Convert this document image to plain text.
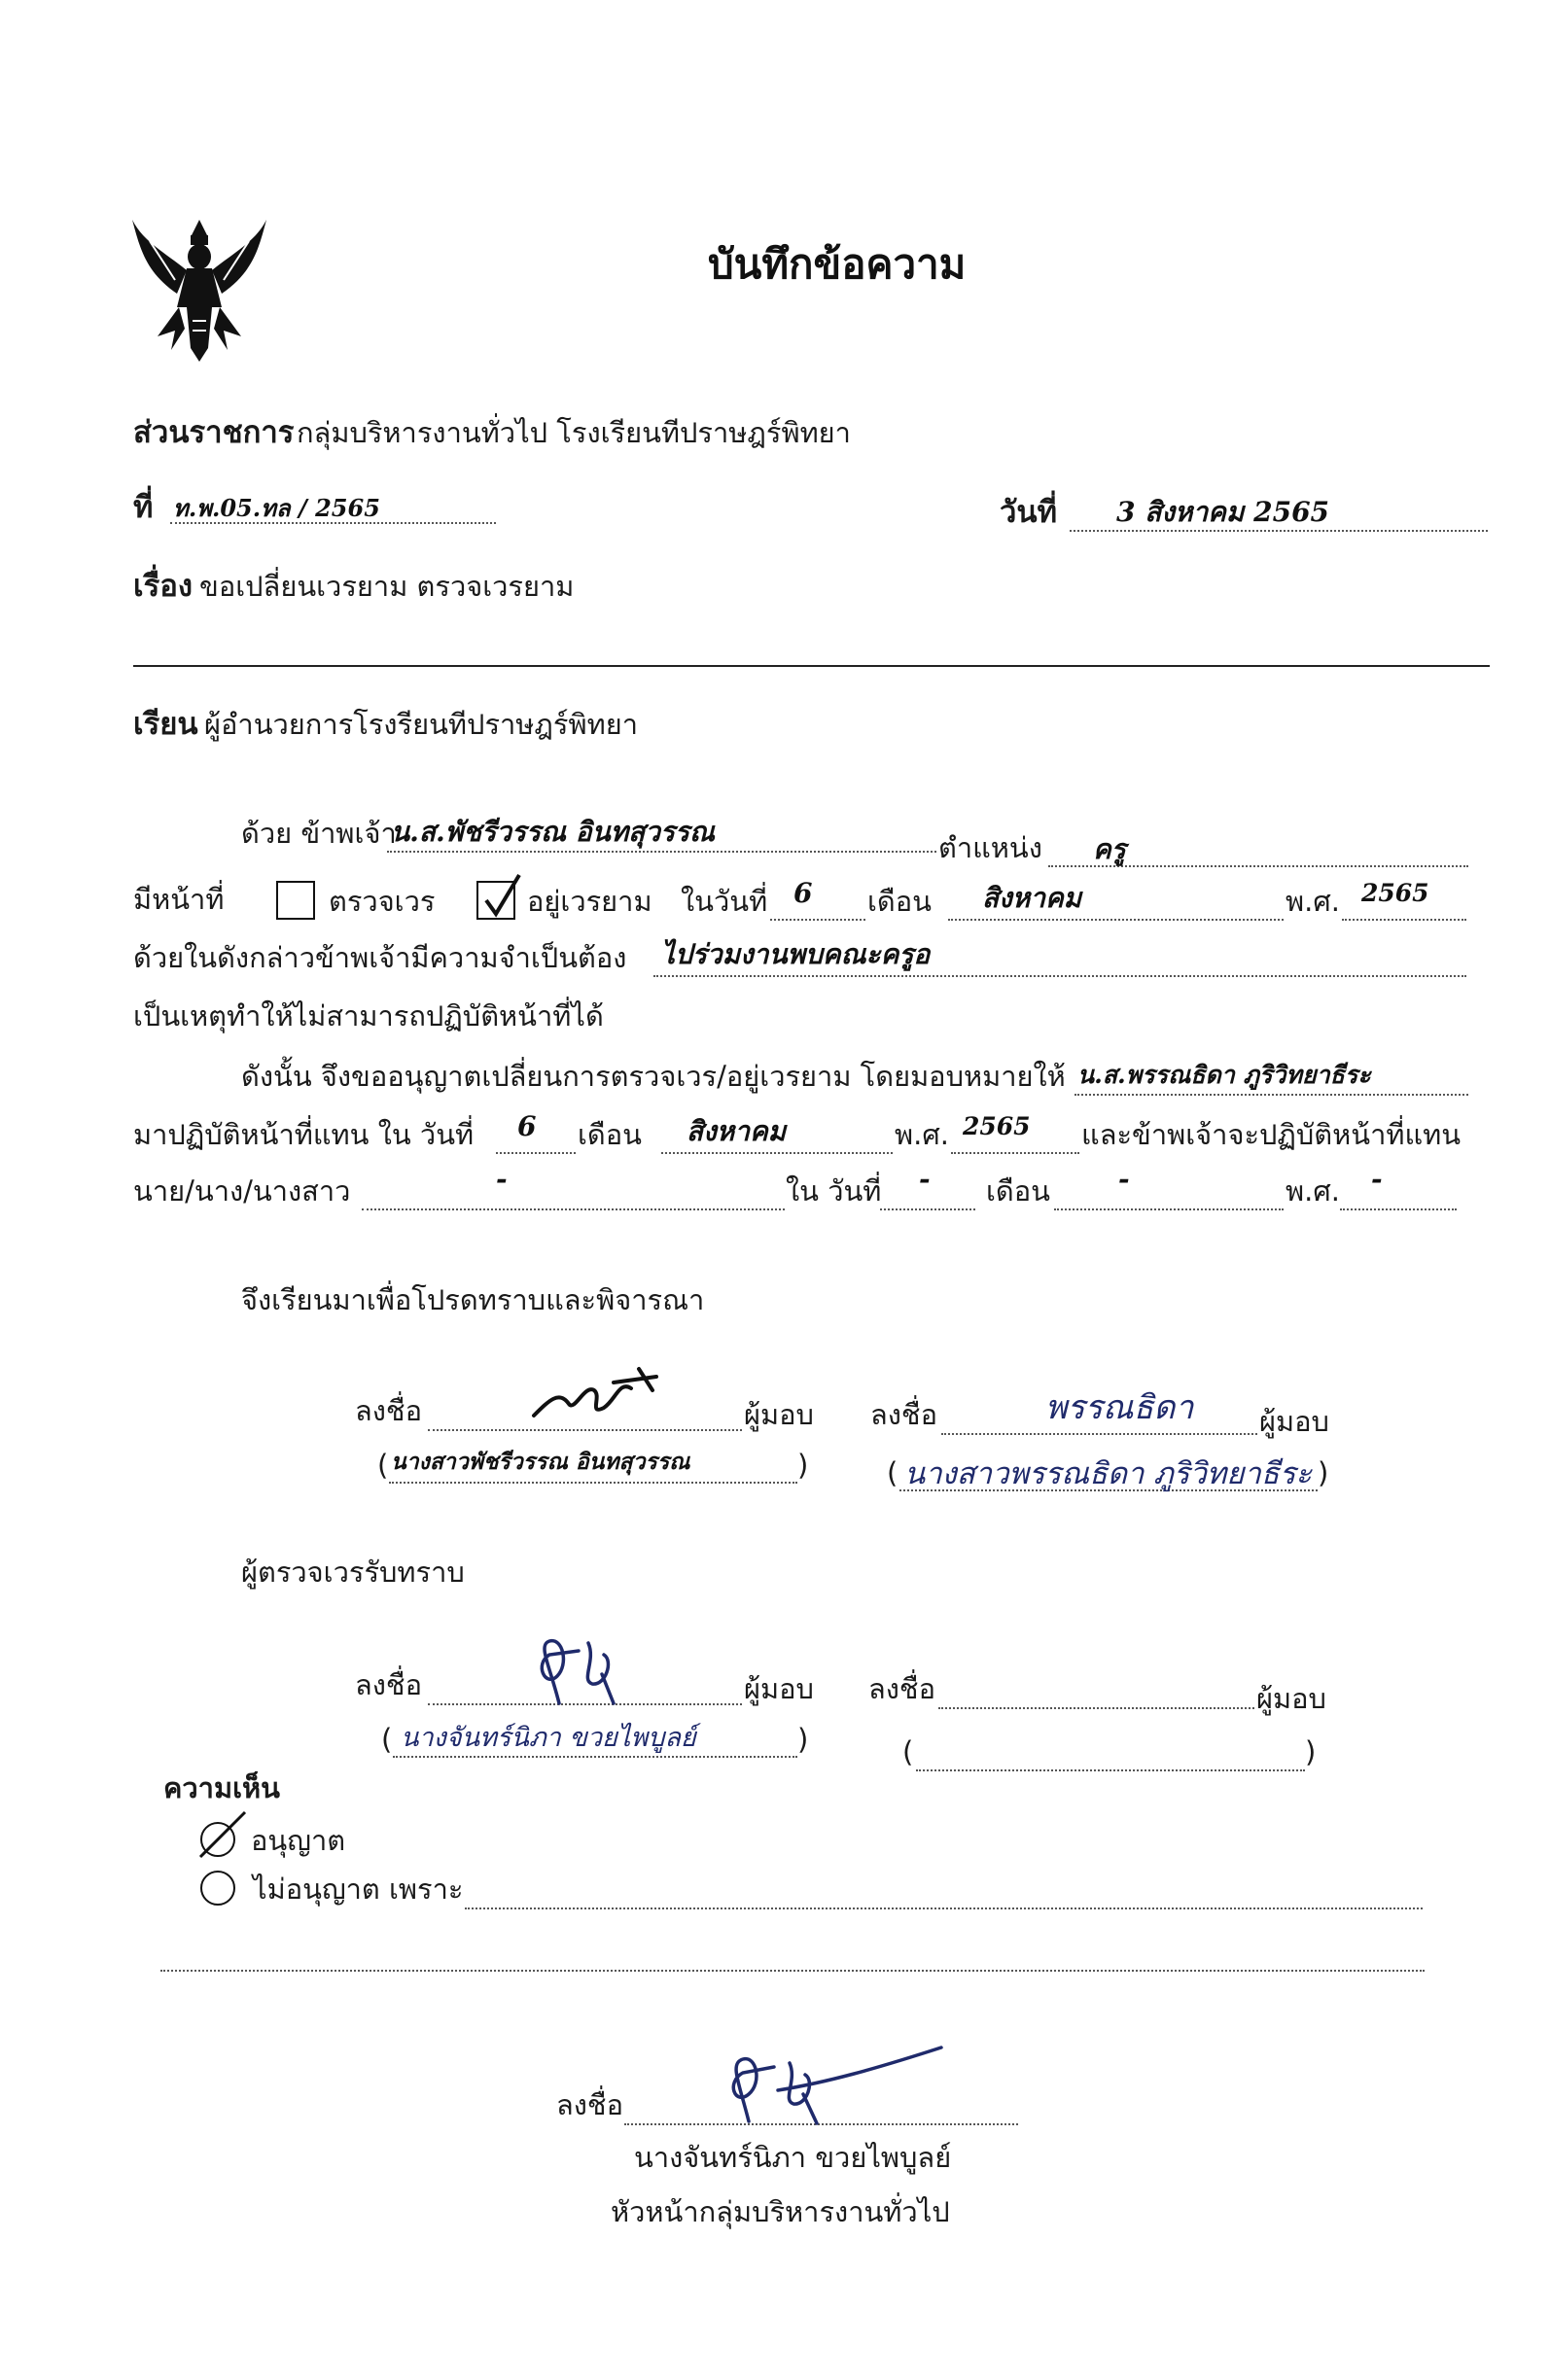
บันทึกข้อความ
ส่วนราชการ กลุ่มบริหารงานทั่วไป โรงเรียนทีปราษฎร์พิทยา
ที่ ท.พ.05.ทล / 2565	วันที่ 3 สิงหาคม 2565
เรื่อง ขอเปลี่ยนเวรยาม ตรวจเวรยาม
เรียน ผู้อำนวยการโรงรียนทีปราษฎร์พิทยา
ด้วย ข้าพเจ้า
น.ส.พัชรีวรรณ อินทสุวรรณ	ตำแหน่ง ครู
มีหน้าที่	ตรวจเวร	อยู่เวรยาม ในวันที่ 6 เดือน สิงหาคม	พ.ศ. 2565
ด้วยในดังกล่าวข้าพเจ้ามีความจำเป็นต้อง ไปร่วมงานพบคณะครูอ
เป็นเหตุทำให้ไม่สามารถปฏิบัติหน้าที่ได้
ดังนั้น จึงขออนุญาตเปลี่ยนการตรวจเวร/อยู่เวรยาม โดยมอบหมายให้ น.ส.พรรณธิดา ภูริวิทยาธีระ
มาปฏิบัติหน้าที่แทน ใน วันที่ 6 เดือน สิงหาคม	พ.ศ. 2565 และข้าพเจ้าจะปฏิบัติหน้าที่แทน
นาย/นาง/นางสาว	-	ใน วันที่ - เดือน	-	พ.ศ. -
จึงเรียนมาเพื่อโปรดทราบและพิจารณา
ลงชื่อ	ผู้มอบ
( นางสาวพัชรีวรรณ อินทสุวรรณ	)
ลงชื่อ	พรรณธิดา ผู้มอบ
( นางสาวพรรณธิดา ภูริวิทยาธีระ )
ผู้ตรวจเวรรับทราบ
ลงชื่อ	ผู้มอบ
( นางจันทร์นิภา ขวยไพบูลย์	)
ลงชื่อ	ผู้มอบ
(	)
ความเห็น
อนุญาต
ไม่อนุญาต เพราะ
ลงชื่อ
นางจันทร์นิภา ขวยไพบูลย์
หัวหน้ากลุ่มบริหารงานทั่วไป
